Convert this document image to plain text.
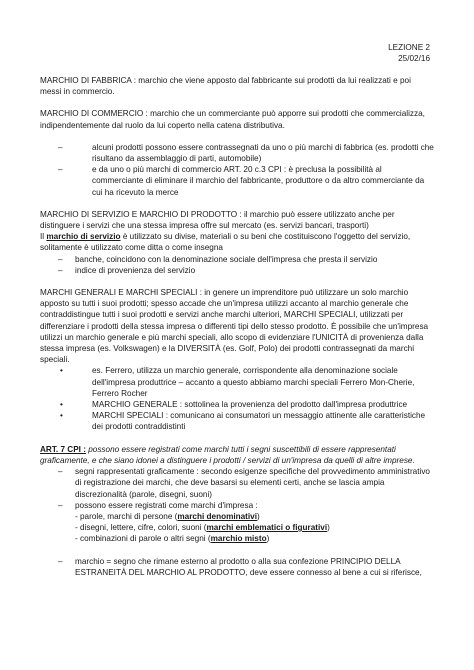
LEZIONE 2
25/02/16

MARCHIO DI FABBRICA : marchio che viene apposto dal fabbricante sui prodotti da lui realizzati e poi messi in commercio.

MARCHIO DI COMMERCIO : marchio che un commerciante può apporre sui prodotti che commercializza, indipendentemente dal ruolo da lui coperto nella catena distributiva.

–	alcuni prodotti possono essere contrassegnati da uno o più marchi di fabbrica (es. prodotti che risultano da assemblaggio di parti, automobile)
–	e da uno o più marchi di commercio ART. 20 c.3 CPI : è preclusa la possibilità al commerciante di eliminare il marchio del fabbricante, produttore o da altro commerciante da cui ha ricevuto la merce

MARCHIO DI SERVIZIO E MARCHIO DI PRODOTTO : il marchio può essere utilizzato anche per distinguere i servizi che una stessa impresa offre sul mercato (es. servizi bancari, trasporti)
Il marchio di servizio è utilizzato su divise, materiali o su beni che costituiscono l'oggetto del servizio, solitamente è utilizzato come ditta o come insegna

– banche, coincidono con la denominazione sociale dell'impresa che presta il servizio
– indice di provenienza del servizio

MARCHI GENERALI E MARCHI SPECIALI : in genere un imprenditore può utilizzare un solo marchio apposto su tutti i suoi prodotti; spesso accade che un'impresa utilizzi accanto al marchio generale che contraddistingue tutti i suoi prodotti e servizi anche marchi ulteriori, MARCHI SPECIALI, utilizzati per differenziare i prodotti della stessa impresa o differenti tipi dello stesso prodotto. È possibile che un'impresa utilizzi un marchio generale e più marchi speciali, allo scopo di evidenziare l'UNICITÀ di provenienza dalla stessa impresa (es. Volkswagen) e la DIVERSITÀ (es. Golf, Polo) dei prodotti contrassegnati da marchi speciali.

•	es. Ferrero, utilizza un marchio generale, corrispondente alla denominazione sociale dell'impresa produttrice – accanto a questo abbiamo marchi speciali Ferrero Mon-Cherie, Ferrero Rocher
•	MARCHIO GENERALE : sottolinea la provenienza del prodotto dall'impresa produttrice
•	MARCHI SPECIALI : comunicano ai consumatori un messaggio attinente alle caratteristiche dei prodotti contraddistinti

ART. 7 CPI : possono essere registrati come marchi tutti i segni suscettibili di essere rappresentati graficamente, e che siano idonei a distinguere i prodotti / servizi di un'impresa da quelli di altre imprese.

– segni rappresentati graficamente : secondo esigenze specifiche del provvedimento amministrativo di registrazione dei marchi, che deve basarsi su elementi certi, anche se lascia ampia discrezionalità (parole, disegni, suoni)
– possono essere registrati come marchi d'impresa :
- parole, marchi di persone (marchi denominativi)
- disegni, lettere, cifre, colori, suoni (marchi emblematici o figurativi)
- combinazioni di parole o altri segni (marchio misto)
– marchio = segno che rimane esterno al prodotto o alla sua confezione PRINCIPIO DELLA ESTRANEITÀ DEL MARCHIO AL PRODOTTO, deve essere connesso al bene a cui si riferisce,
